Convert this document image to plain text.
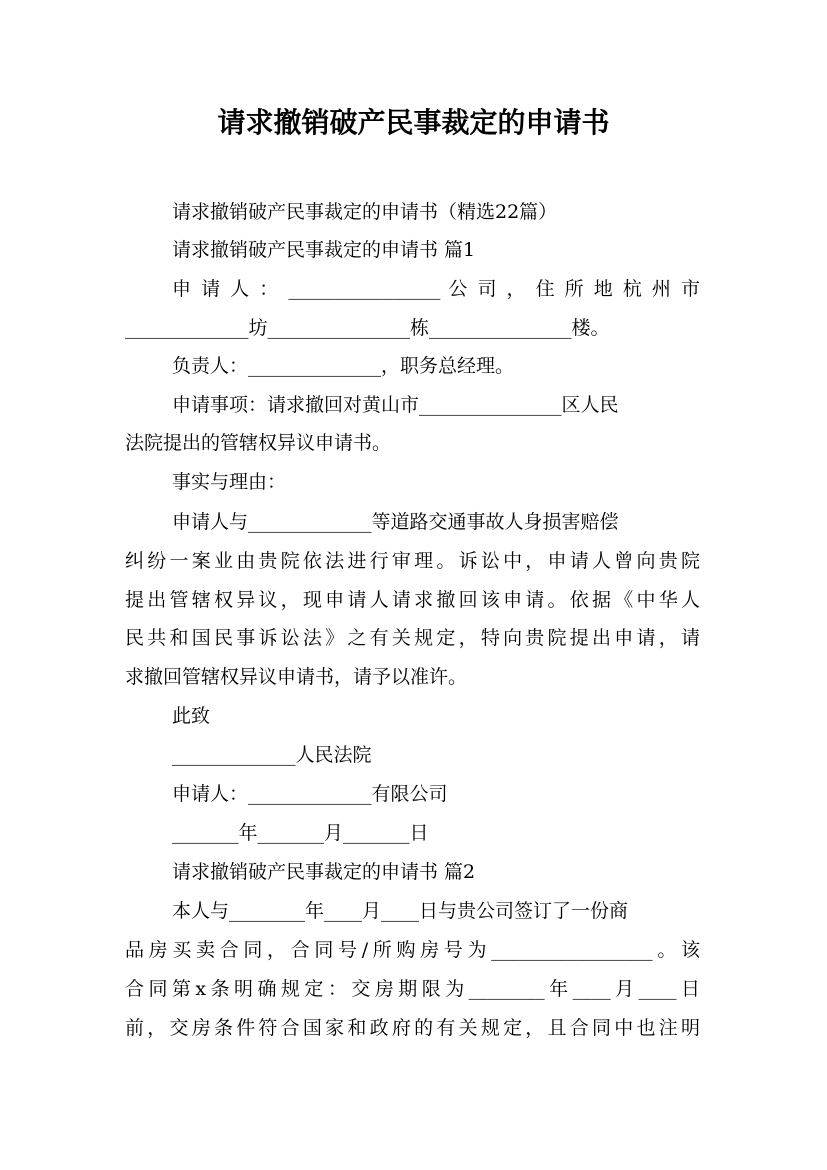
请求撤销破产民事裁定的申请书
请求撤销破产民事裁定的申请书（精选22篇）
请求撤销破产民事裁定的申请书 篇1
申 请 人 ： ________________ 公 司 ， 住 所 地 杭 州 市
_____________坊_______________栋_______________楼。
负责人：______________，职务总经理。
申请事项：请求撤回对黄山市_______________区人民
法院提出的管辖权异议申请书。
事实与理由：
申请人与_____________等道路交通事故人身损害赔偿
纠纷一案业由贵院依法进行审理。诉讼中，申请人曾向贵院
提出管辖权异议，现申请人请求撤回该申请。依据《中华人
民共和国民事诉讼法》之有关规定，特向贵院提出申请，请
求撤回管辖权异议申请书，请予以准许。
此致
_____________人民法院
申请人：_____________有限公司
_______年_______月_______日
请求撤销破产民事裁定的申请书 篇2
本人与________年____月____日与贵公司签订了一份商
品房买卖合同，合同号/所购房号为_________________。该
合同第x条明确规定：交房期限为________年____月____日
前，交房条件符合国家和政府的有关规定，且合同中也注明
